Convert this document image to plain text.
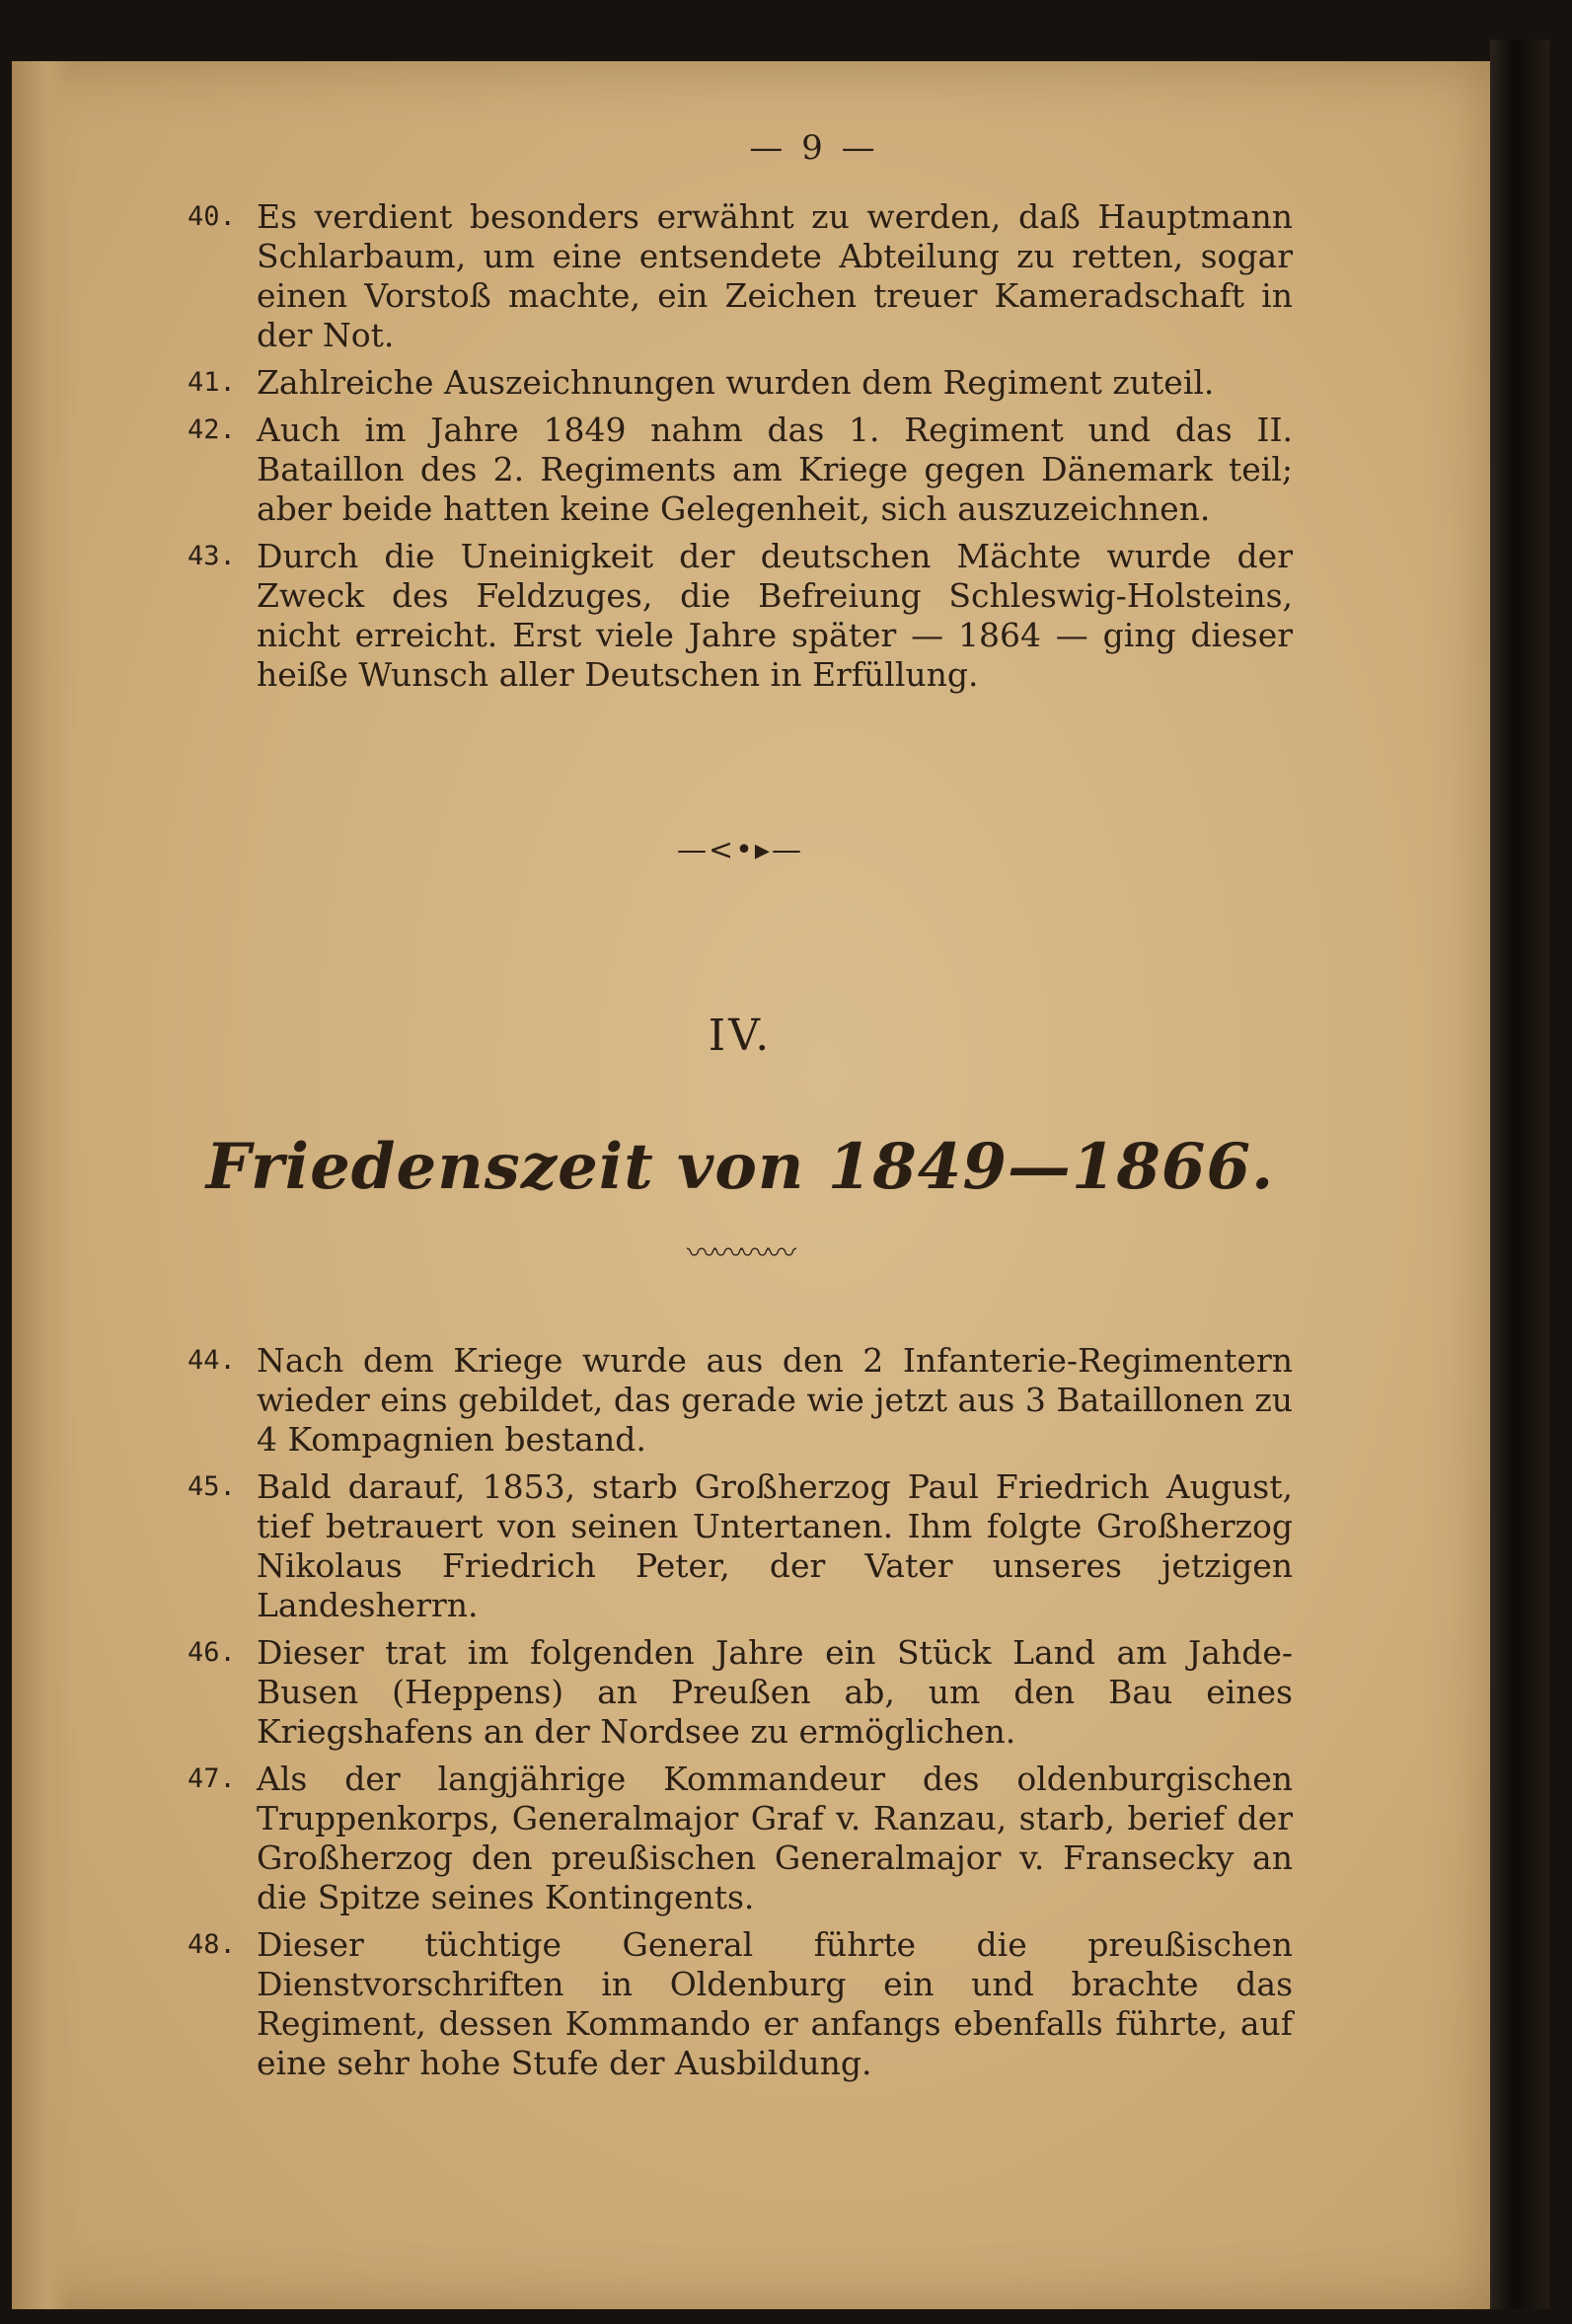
— 9 —
40. Es verdient besonders erwähnt zu werden, daß Hauptmann Schlarbaum, um eine entsendete Abteilung zu retten, sogar einen Vorstoß machte, ein Zeichen treuer Kameradschaft in der Not.
41. Zahlreiche Auszeichnungen wurden dem Regiment zuteil.
42. Auch im Jahre 1849 nahm das 1. Regiment und das II. Bataillon des 2. Regiments am Kriege gegen Dänemark teil; aber beide hatten keine Gelegenheit, sich auszuzeichnen.
43. Durch die Uneinigkeit der deutschen Mächte wurde der Zweck des Feldzuges, die Befreiung Schleswig-Holsteins, nicht erreicht. Erst viele Jahre später — 1864 — ging dieser heiße Wunsch aller Deutschen in Erfüllung.
—<•▸—
IV.
Friedenszeit von 1849—1866.
〰〰〰〰
44. Nach dem Kriege wurde aus den 2 Infanterie-Regimentern wieder eins gebildet, das gerade wie jetzt aus 3 Bataillonen zu 4 Kompagnien bestand.
45. Bald darauf, 1853, starb Großherzog Paul Friedrich August, tief betrauert von seinen Untertanen. Ihm folgte Großherzog Nikolaus Friedrich Peter, der Vater unseres jetzigen Landesherrn.
46. Dieser trat im folgenden Jahre ein Stück Land am Jahde-Busen (Heppens) an Preußen ab, um den Bau eines Kriegshafens an der Nordsee zu ermöglichen.
47. Als der langjährige Kommandeur des oldenburgischen Truppenkorps, Generalmajor Graf v. Ranzau, starb, berief der Großherzog den preußischen Generalmajor v. Fransecky an die Spitze seines Kontingents.
48. Dieser tüchtige General führte die preußischen Dienstvorschriften in Oldenburg ein und brachte das Regiment, dessen Kommando er anfangs ebenfalls führte, auf eine sehr hohe Stufe der Ausbildung.
